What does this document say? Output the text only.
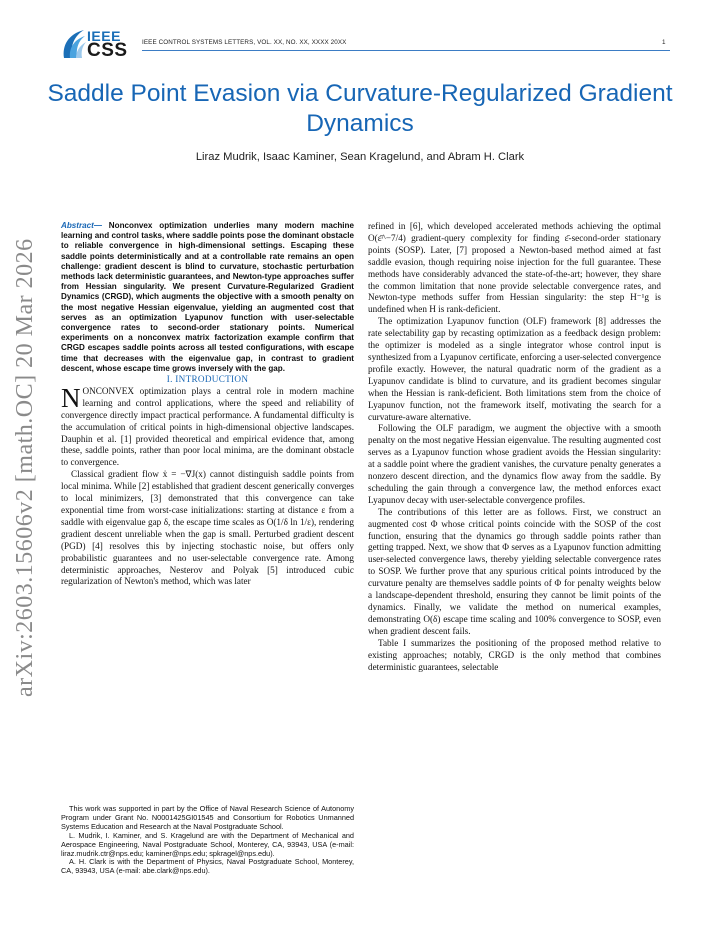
IEEE
CSS IEEE CONTROL SYSTEMS LETTERS, VOL. XX, NO. XX, XXXX 20XX	1
Saddle Point Evasion via Curvature-Regularized Gradient Dynamics
Liraz Mudrik, Isaac Kaminer, Sean Kragelund, and Abram H. Clark
arXiv:2603.15606v2 [math.OC] 20 Mar 2026
Abstract— Nonconvex optimization underlies many modern machine learning and control tasks, where saddle points pose the dominant obstacle to reliable convergence in high-dimensional settings. Escaping these saddle points deterministically and at a controllable rate remains an open challenge: gradient descent is blind to curvature, stochastic perturbation methods lack deterministic guarantees, and Newton-type approaches suffer from Hessian singularity. We present Curvature-Regularized Gradient Dynamics (CRGD), which augments the objective with a smooth penalty on the most negative Hessian eigenvalue, yielding an augmented cost that serves as an optimization Lyapunov function with user-selectable convergence rates to second-order stationary points. Numerical experiments on a nonconvex matrix factorization example confirm that CRGD escapes saddle points across all tested configurations, with escape time that decreases with the eigenvalue gap, in contrast to gradient descent, whose escape time grows inversely with the gap.

I. INTRODUCTION

NONCONVEX optimization plays a central role in modern machine learning and control applications, where the speed and reliability of convergence directly impact practical performance. A fundamental difficulty is the accumulation of critical points in high-dimensional objective landscapes. Dauphin et al. [1] provided theoretical and empirical evidence that, among these, saddle points, rather than poor local minima, are the dominant obstacle to convergence.

Classical gradient flow ẋ = −∇J(x) cannot distinguish saddle points from local minima. While [2] established that gradient descent generically converges to local minimizers, [3] demonstrated that this convergence can take exponential time from worst-case initializations: starting at distance ε from a saddle with eigenvalue gap δ, the escape time scales as O(1/δ ln 1/ε), rendering gradient descent unreliable when the gap is small. Perturbed gradient descent (PGD) [4] resolves this by injecting stochastic noise, but offers only probabilistic guarantees and no user-selectable convergence rate. Among deterministic approaches, Nesterov and Polyak [5] introduced cubic regularization of Newton's method, which was later

This work was supported in part by the Office of Naval Research Science of Autonomy Program under Grant No. N0001425GI01545 and Consortium for Robotics Unmanned Systems Education and Research at the Naval Postgraduate School.

L. Mudrik, I. Kaminer, and S. Kragelund are with the Department of Mechanical and Aerospace Engineering, Naval Postgraduate School, Monterey, CA, 93943, USA (e-mail: liraz.mudrik.ctr@nps.edu; kaminer@nps.edu; spkragel@nps.edu).

A. H. Clark is with the Department of Physics, Naval Postgraduate School, Monterey, CA, 93943, USA (e-mail: abe.clark@nps.edu).

refined in [6], which developed accelerated methods achieving the optimal O(ε̄^−7/4) gradient-query complexity for finding ε̄-second-order stationary points (SOSP). Later, [7] proposed a Newton-based method aimed at fast saddle evasion, though requiring noise injection for the full guarantee. These methods have considerably advanced the state-of-the-art; however, they share the common limitation that none provide selectable convergence rates, and Newton-type methods suffer from Hessian singularity: the step H⁻¹g is undefined when H is rank-deficient.

The optimization Lyapunov function (OLF) framework [8] addresses the rate selectability gap by recasting optimization as a feedback design problem: the optimizer is modeled as a single integrator whose control input is synthesized from a Lyapunov certificate, enforcing a user-selected convergence profile exactly. However, the natural quadratic norm of the gradient as a Lyapunov candidate is blind to curvature, and its gradient becomes singular when the Hessian is rank-deficient. Both limitations stem from the choice of Lyapunov function, not the framework itself, motivating the search for a curvature-aware alternative.

Following the OLF paradigm, we augment the objective with a smooth penalty on the most negative Hessian eigenvalue. The resulting augmented cost serves as a Lyapunov function whose gradient avoids the Hessian singularity: at a saddle point where the gradient vanishes, the curvature penalty generates a nonzero descent direction, and the dynamics flow away from the saddle. By scheduling the gain through a convergence law, the method enforces exact Lyapunov decay with user-selectable convergence profiles.

The contributions of this letter are as follows. First, we construct an augmented cost Φ whose critical points coincide with the SOSP of the cost function, ensuring that the dynamics go through saddle points rather than getting trapped. Next, we show that Φ serves as a Lyapunov function admitting user-selected convergence laws, thereby yielding selectable convergence rates to SOSP. We further prove that any spurious critical points introduced by the curvature penalty are themselves saddle points of Φ for penalty weights below a landscape-dependent threshold, ensuring they cannot be limit points of the dynamics. Finally, we validate the method on numerical examples, demonstrating O(δ) escape time scaling and 100% convergence to SOSP, even when gradient descent fails.

Table I summarizes the positioning of the proposed method relative to existing approaches; notably, CRGD is the only method that combines deterministic guarantees, selectable
